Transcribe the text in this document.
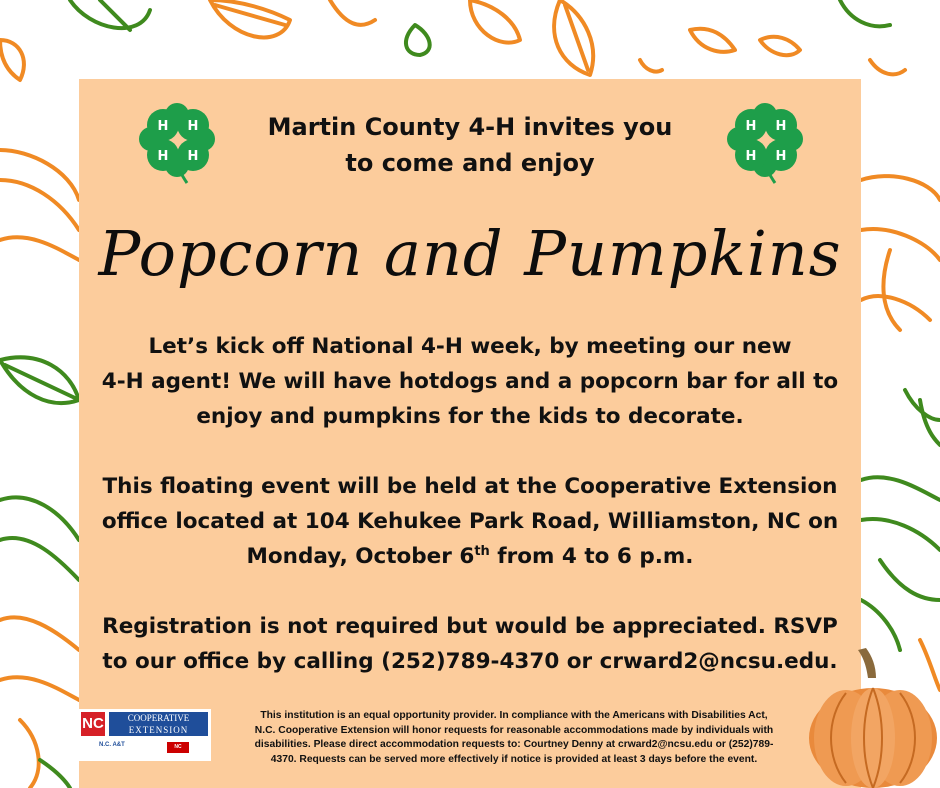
H H
H H
Martin County 4-H invites you
to come and enjoy
H H
H H
Popcorn and Pumpkins
Let’s kick off National 4-H week, by meeting our new
4-H agent! We will have hotdogs and a popcorn bar for all to
enjoy and pumpkins for the kids to decorate.
This floating event will be held at the Cooperative Extension
office located at 104 Kehukee Park Road, Williamston, NC on
Monday, October 6th from 4 to 6 p.m.
Registration is not required but would be appreciated. RSVP
to our office by calling (252)789-4370 or crward2@ncsu.edu.
NC	COOPERATIVE
EXTENSION
N.C. A&T	NC STATE
This institution is an equal opportunity provider. In compliance with the Americans with Disabilities Act,
N.C. Cooperative Extension will honor requests for reasonable accommodations made by individuals with
disabilities. Please direct accommodation requests to: Courtney Denny at crward2@ncsu.edu or (252)789-
4370. Requests can be served more effectively if notice is provided at least 3 days before the event.
